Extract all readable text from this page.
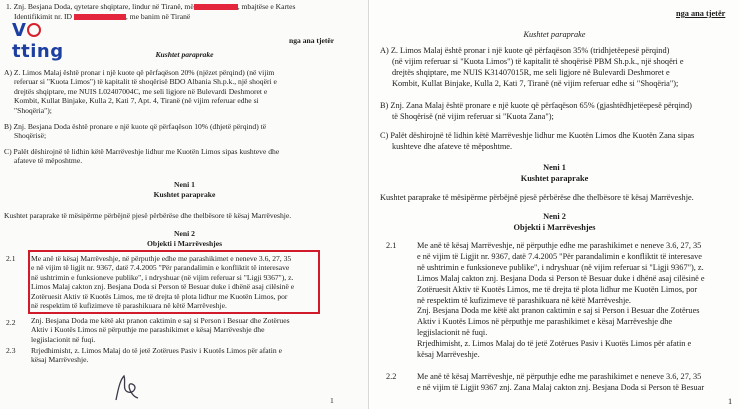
1. Znj. Besjana Doda, qytetare shqiptare, lindur në Tiranë, më	, mbajtëse e Kartes
Identifikimit nr. ID	, me banim në Tiranë
Vtting
nga ana tjetër
Kushtet paraprake
A) Z. Limos Malaj është pronar i një kuote që përfaqëson 20% (njëzet përqind) (në vijim
referuar si "Kuota Limos") të kapitalit të shoqërisë BDO Albania Sh.p.k., një shoqëri e
drejtës shqiptare, me NUIS L02407004C, me seli ligjore në Bulevardi Deshmoret e
Kombit, Kullat Binjake, Kulla 2, Kati 7, Apt. 4, Tiranë (në vijim referuar edhe si
"Shoqëria");
B) Znj. Besjana Doda është pronare e një kuote që përfaqëson 10% (dhjetë përqind) të
Shoqërisë;
C) Palët dëshirojnë të lidhin këtë Marrëveshje lidhur me Kuotën Limos sipas kushteve dhe
afateve të mëposhtme.
Neni 1
Kushtet paraprake
Kushtet paraprake të mësipërme përbëjnë pjesë përbërëse dhe thelbësore të kësaj Marrëveshje.
Neni 2
Objekti i Marrëveshjes
2.1 Me anë të kësaj Marrëveshje, në përputhje edhe me parashikimet e neneve 3.6, 27, 35
e në vijim të ligjit nr. 9367, datë 7.4.2005 "Për parandalimin e konfliktit të interesave
në ushtrimin e funksioneve publike", i ndryshuar (në vijim referuar si "Ligji 9367"), z.
Limos Malaj cakton znj. Besjana Doda si Person të Besuar duke i dhënë asaj cilësinë e
Zotëruesit Aktiv të Kuotës Limos, me të drejta të plota lidhur me Kuotën Limos, por
në respektim të kufizimeve të parashikuara në këtë Marrëveshje.
2.2 Znj. Besjana Doda me këtë akt pranon caktimin e saj si Person i Besuar dhe Zotërues
Aktiv i Kuotës Limos në përputhje me parashikimet e kësaj Marrëveshje dhe
legjislacionit në fuqi.
2.3 Rrjedhimisht, z. Limos Malaj do të jetë Zotërues Pasiv i Kuotës Limos për afatin e
kësaj Marrëveshje.
1
nga ana tjetër
Kushtet paraprake
A) Z. Limos Malaj është pronar i një kuote që përfaqëson 35% (tridhjetëepesë përqind)
(në vijim referuar si "Kuota Limos") të kapitalit të shoqërisë PBM Sh.p.k., një shoqëri e
drejtës shqiptare, me NUIS K31407015R, me seli ligjore në Bulevardi Deshmoret e
Kombit, Kullat Binjake, Kulla 2, Kati 7, Tiranë (në vijim referuar edhe si "Shoqëria");
B) Znj. Zana Malaj është pronare e një kuote që përfaqëson 65% (gjashtëdhjetëepesë përqind)
të Shoqërisë (në vijim referuar si "Kuota Zana");
C) Palët dëshirojnë të lidhin këtë Marrëveshje lidhur me Kuotën Limos dhe Kuotën Zana sipas
kushteve dhe afateve të mëposhtme.
Neni 1
Kushtet paraprake
Kushtet paraprake të mësipërme përbëjnë pjesë përbërëse dhe thelbësore të kësaj Marrëveshje.
Neni 2
Objekti i Marrëveshjes
2.1 Me anë të kësaj Marrëveshje, në përputhje edhe me parashikimet e neneve 3.6, 27, 35
e në vijim të Ligjit nr. 9367, datë 7.4.2005 "Për parandalimin e konfliktit të interesave
në ushtrimin e funksioneve publike", i ndryshuar (në vijim referuar si "Ligji 9367"), z.
Limos Malaj cakton znj. Besjana Doda si Person të Besuar duke i dhënë asaj cilësinë e
Zotëruesit Aktiv të Kuotës Limos, me të drejta të plota lidhur me Kuotën Limos, por
në respektim të kufizimeve të parashikuara në këtë Marrëveshje.
Znj. Besjana Doda me këtë akt pranon caktimin e saj si Person i Besuar dhe Zotërues
Aktiv i Kuotës Limos në përputhje me parashikimet e kësaj Marrëveshje dhe
legjislacionit në fuqi.
Rrjedhimisht, z. Limos Malaj do të jetë Zotërues Pasiv i Kuotës Limos për afatin e
kësaj Marrëveshje.
2.2 Me anë të kësaj Marrëveshje, në përputhje edhe me parashikimet e neneve 3.6, 27, 35
e në vijim të Ligjit 9367 znj. Zana Malaj cakton znj. Besjana Doda si Person të Besuar
1
